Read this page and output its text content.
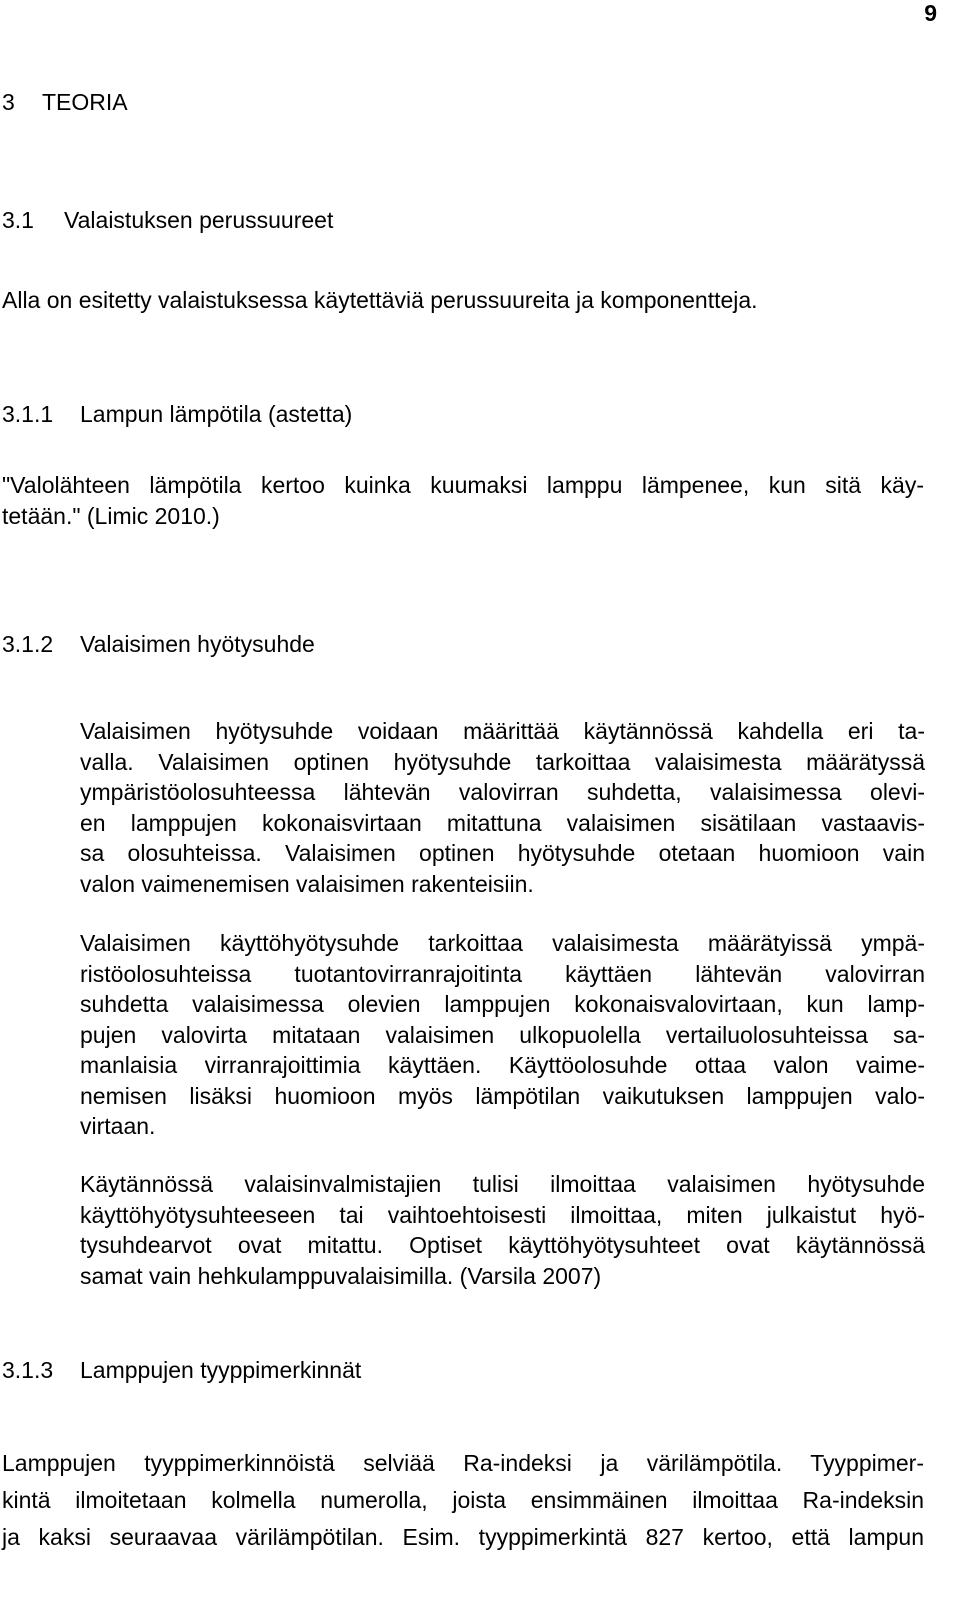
9
3 TEORIA
3.1 Valaistuksen perussuureet
Alla on esitetty valaistuksessa käytettäviä perussuureita ja komponentteja.
3.1.1 Lampun lämpötila (astetta)
"Valolähteen lämpötila kertoo kuinka kuumaksi lamppu lämpenee, kun sitä käy-
tetään." (Limic 2010.)
3.1.2 Valaisimen hyötysuhde
Valaisimen hyötysuhde voidaan määrittää käytännössä kahdella eri ta-
valla. Valaisimen optinen hyötysuhde tarkoittaa valaisimesta määrätyssä
ympäristöolosuhteessa lähtevän valovirran suhdetta, valaisimessa olevi-
en lamppujen kokonaisvirtaan mitattuna valaisimen sisätilaan vastaavis-
sa olosuhteissa. Valaisimen optinen hyötysuhde otetaan huomioon vain
valon vaimenemisen valaisimen rakenteisiin.
Valaisimen käyttöhyötysuhde tarkoittaa valaisimesta määrätyissä ympä-
ristöolosuhteissa tuotantovirranrajoitinta käyttäen lähtevän valovirran
suhdetta valaisimessa olevien lamppujen kokonaisvalovirtaan, kun lamp-
pujen valovirta mitataan valaisimen ulkopuolella vertailuolosuhteissa sa-
manlaisia virranrajoittimia käyttäen. Käyttöolosuhde ottaa valon vaime-
nemisen lisäksi huomioon myös lämpötilan vaikutuksen lamppujen valo-
virtaan.
Käytännössä valaisinvalmistajien tulisi ilmoittaa valaisimen hyötysuhde
käyttöhyötysuhteeseen tai vaihtoehtoisesti ilmoittaa, miten julkaistut hyö-
tysuhdearvot ovat mitattu. Optiset käyttöhyötysuhteet ovat käytännössä
samat vain hehkulamppuvalaisimilla. (Varsila 2007)
3.1.3 Lamppujen tyyppimerkinnät
Lamppujen tyyppimerkinnöistä selviää Ra-indeksi ja värilämpötila. Tyyppimer-
kintä ilmoitetaan kolmella numerolla, joista ensimmäinen ilmoittaa Ra-indeksin
ja kaksi seuraavaa värilämpötilan. Esim. tyyppimerkintä 827 kertoo, että lampun
